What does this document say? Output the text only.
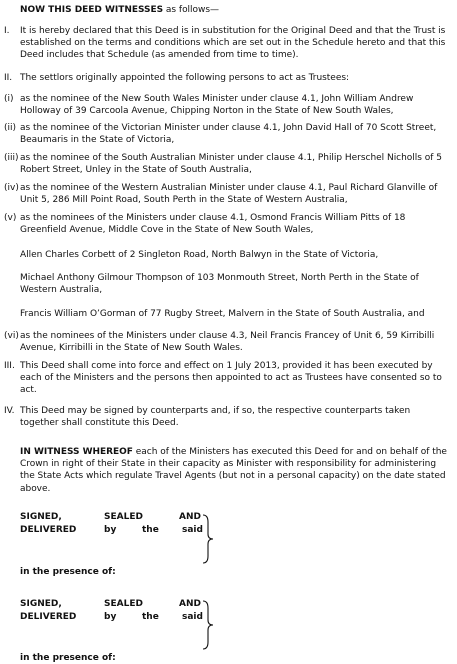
NOW THIS DEED WITNESSES as follows—

I. It is hereby declared that this Deed is in substitution for the Original Deed and that the Trust is established on the terms and conditions which are set out in the Schedule hereto and that this Deed includes that Schedule (as amended from time to time).

II. The settlors originally appointed the following persons to act as Trustees:

(i) as the nominee of the New South Wales Minister under clause 4.1, John William Andrew Holloway of 39 Carcoola Avenue, Chipping Norton in the State of New South Wales,

(ii) as the nominee of the Victorian Minister under clause 4.1, John David Hall of 70 Scott Street, Beaumaris in the State of Victoria,

(iii) as the nominee of the South Australian Minister under clause 4.1, Philip Herschel Nicholls of 5 Robert Street, Unley in the State of South Australia,

(iv) as the nominee of the Western Australian Minister under clause 4.1, Paul Richard Glanville of Unit 5, 286 Mill Point Road, South Perth in the State of Western Australia,

(v) as the nominees of the Ministers under clause 4.1, Osmond Francis William Pitts of 18 Greenfield Avenue, Middle Cove in the State of New South Wales,

Allen Charles Corbett of 2 Singleton Road, North Balwyn in the State of Victoria,

Michael Anthony Gilmour Thompson of 103 Monmouth Street, North Perth in the State of Western Australia,

Francis William O’Gorman of 77 Rugby Street, Malvern in the State of South Australia, and

(vi) as the nominees of the Ministers under clause 4.3, Neil Francis Francey of Unit 6, 59 Kirribilli Avenue, Kirribilli in the State of New South Wales.

III. This Deed shall come into force and effect on 1 July 2013, provided it has been executed by each of the Ministers and the persons then appointed to act as Trustees have consented so to act.

IV. This Deed may be signed by counterparts and, if so, the respective counterparts taken together shall constitute this Deed.

IN WITNESS WHEREOF each of the Ministers has executed this Deed for and on behalf of the Crown in right of their State in their capacity as Minister with responsibility for administering the State Acts which regulate Travel Agents (but not in a personal capacity) on the date stated above.

SIGNED,	SEALED	AND
DELIVERED	by	the	said
in the presence of:
SIGNED,	SEALED	AND
DELIVERED	by	the	said
in the presence of:
